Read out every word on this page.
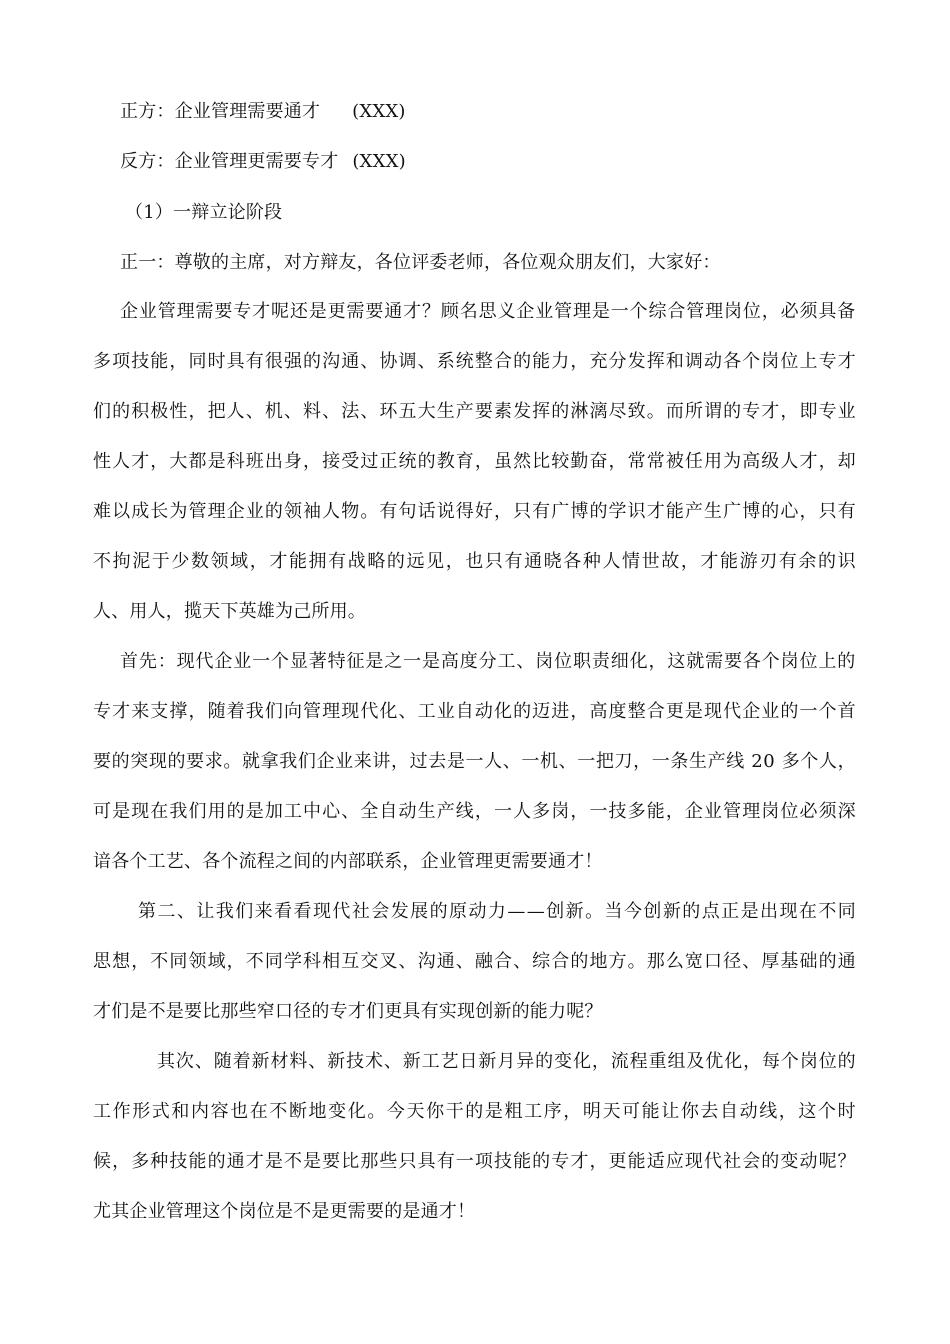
正方：企业管理需要通才 (XXX)
反方：企业管理更需要专才 (XXX)
（1）一辩立论阶段
正一：尊敬的主席，对方辩友，各位评委老师，各位观众朋友们，大家好：
企 业 管 理 需 要 专 才 呢 还 是 更 需 要 通 才 ？ 顾 名 思 义 企 业 管 理 是 一 个 综 合 管 理 岗 位 ， 必 须 具 备
多 项 技 能 ， 同 时 具 有 很 强 的 沟 通 、 协 调 、 系 统 整 合 的 能 力 ， 充 分 发 挥 和 调 动 各 个 岗 位 上 专 才
们 的 积 极 性 ， 把 人 、 机 、 料 、 法 、 环 五 大 生 产 要 素 发 挥 的 淋 漓 尽 致 。 而 所 谓 的 专 才 ， 即 专 业
性 人 才 ， 大 都 是 科 班 出 身 ， 接 受 过 正 统 的 教 育 ， 虽 然 比 较 勤 奋 ， 常 常 被 任 用 为 高 级 人 才 ， 却
难 以 成 长 为 管 理 企 业 的 领 袖 人 物 。 有 句 话 说 得 好 ， 只 有 广 博 的 学 识 才 能 产 生 广 博 的 心 ， 只 有
不 拘 泥 于 少 数 领 域 ， 才 能 拥 有 战 略 的 远 见 ， 也 只 有 通 晓 各 种 人 情 世 故 ， 才 能 游 刃 有 余 的 识
人、用人，揽天下英雄为己所用。
首 先 ： 现 代 企 业 一 个 显 著 特 征 是 之 一 是 高 度 分 工 、 岗 位 职 责 细 化 ， 这 就 需 要 各 个 岗 位 上 的
专 才 来 支 撑 ， 随 着 我 们 向 管 理 现 代 化 、 工 业 自 动 化 的 迈 进 ， 高 度 整 合 更 是 现 代 企 业 的 一 个 首
要 的 突 现 的 要 求 。 就 拿 我 们 企 业 来 讲 ， 过 去 是 一 人 、 一 机 、 一 把 刀 ， 一 条 生 产 线
2 0
多 个 人 ，
可 是 现 在 我 们 用 的 是 加 工 中 心 、 全 自 动 生 产 线 ， 一 人 多 岗 ， 一 技 多 能 ， 企 业 管 理 岗 位 必 须 深
谙各个工艺、各个流程之间的内部联系，企业管理更需要通才！
第 二 、 让 我 们 来 看 看 现 代 社 会 发 展 的 原 动 力 — — 创 新 。 当 今 创 新 的 点 正 是 出 现 在 不 同
思 想 ， 不 同 领 域 ， 不 同 学 科 相 互 交 叉 、 沟 通 、 融 合 、 综 合 的 地 方 。 那 么 宽 口 径 、 厚 基 础 的 通
才们是不是要比那些窄口径的专才们更具有实现创新的能力呢？
其 次 、 随 着 新 材 料 、 新 技 术 、 新 工 艺 日 新 月 异 的 变 化 ， 流 程 重 组 及 优 化 ， 每 个 岗 位 的
工 作 形 式 和 内 容 也 在 不 断 地 变 化 。 今 天 你 干 的 是 粗 工 序 ， 明 天 可 能 让 你 去 自 动 线 ， 这 个 时
候 ， 多 种 技 能 的 通 才 是 不 是 要 比 那 些 只 具 有 一 项 技 能 的 专 才 ， 更 能 适 应 现 代 社 会 的 变 动 呢 ？
尤其企业管理这个岗位是不是更需要的是通才！
